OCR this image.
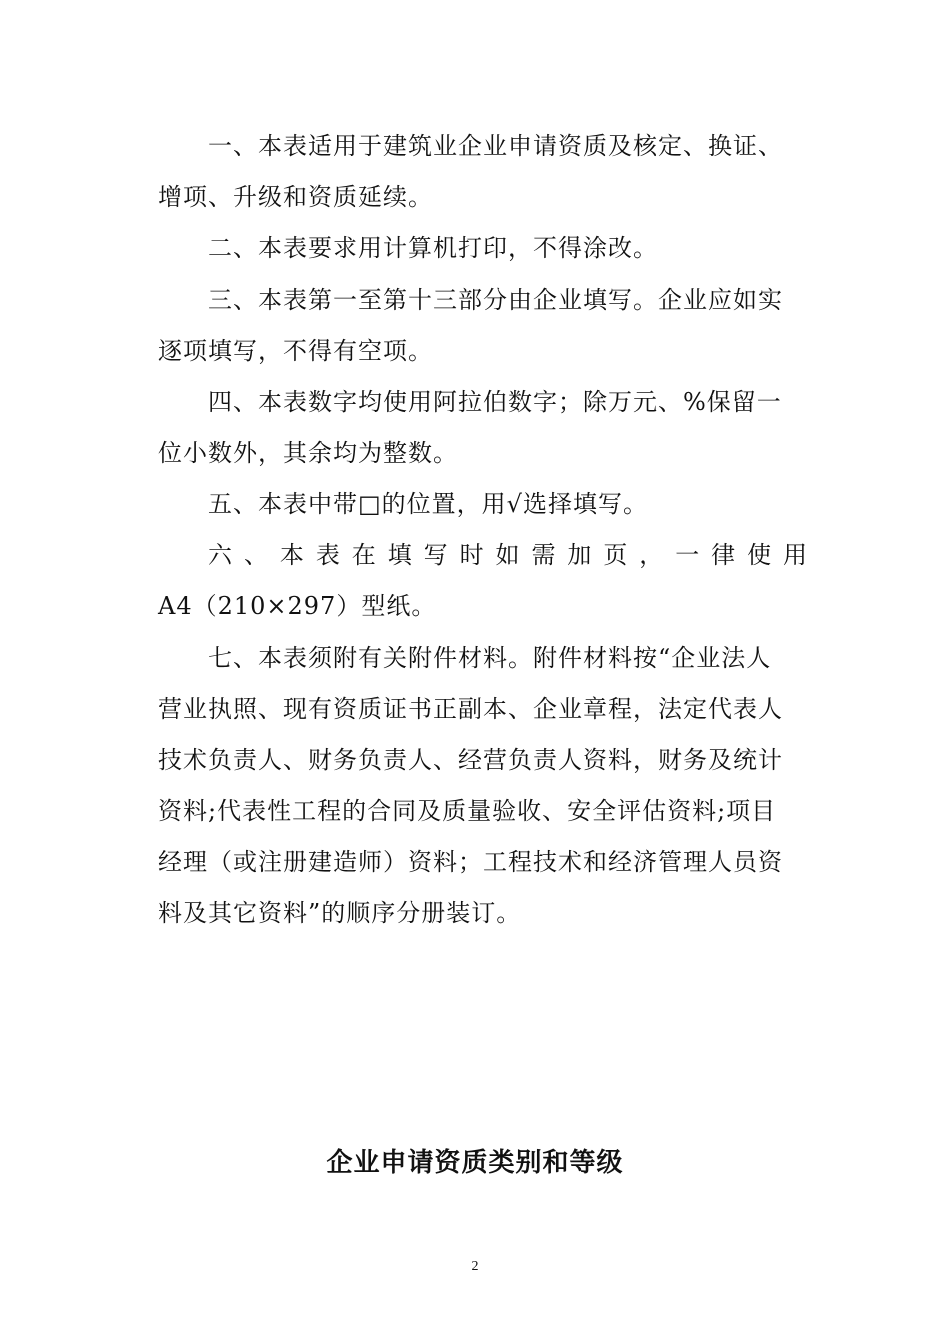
一、本表适用于建筑业企业申请资质及核定、换证、
增项、升级和资质延续。
二、本表要求用计算机打印，不得涂改。
三、本表第一至第十三部分由企业填写。企业应如实
逐项填写，不得有空项。
四、本表数字均使用阿拉伯数字；除万元、%保留一
位小数外，其余均为整数。
五、本表中带□的位置，用√选择填写。
六 、 本 表 在 填 写 时 如 需 加 页 ， 一 律 使 用
A4（210×297）型纸。
七、本表须附有关附件材料。附件材料按“企业法人
营业执照、现有资质证书正副本、企业章程，法定代表人
技术负责人、财务负责人、经营负责人资料，财务及统计
资料;代表性工程的合同及质量验收、安全评估资料;项目
经理（或注册建造师）资料；工程技术和经济管理人员资
料及其它资料”的顺序分册装订。
企业申请资质类别和等级
2
